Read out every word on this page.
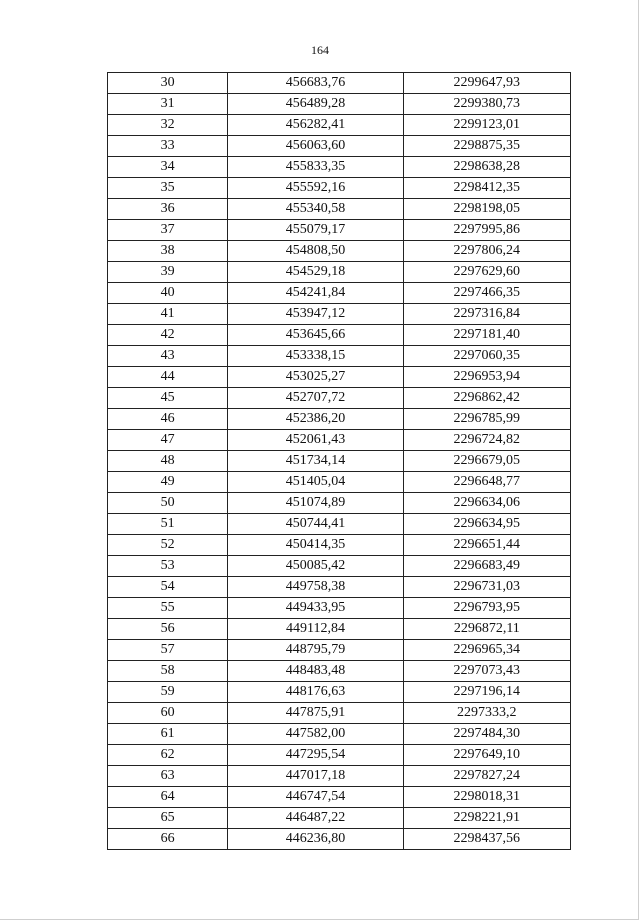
164
30	456683,76	2299647,93
31	456489,28	2299380,73
32	456282,41	2299123,01
33	456063,60	2298875,35
34	455833,35	2298638,28
35	455592,16	2298412,35
36	455340,58	2298198,05
37	455079,17	2297995,86
38	454808,50	2297806,24
39	454529,18	2297629,60
40	454241,84	2297466,35
41	453947,12	2297316,84
42	453645,66	2297181,40
43	453338,15	2297060,35
44	453025,27	2296953,94
45	452707,72	2296862,42
46	452386,20	2296785,99
47	452061,43	2296724,82
48	451734,14	2296679,05
49	451405,04	2296648,77
50	451074,89	2296634,06
51	450744,41	2296634,95
52	450414,35	2296651,44
53	450085,42	2296683,49
54	449758,38	2296731,03
55	449433,95	2296793,95
56	449112,84	2296872,11
57	448795,79	2296965,34
58	448483,48	2297073,43
59	448176,63	2297196,14
60	447875,91	2297333,2
61	447582,00	2297484,30
62	447295,54	2297649,10
63	447017,18	2297827,24
64	446747,54	2298018,31
65	446487,22	2298221,91
66	446236,80	2298437,56
